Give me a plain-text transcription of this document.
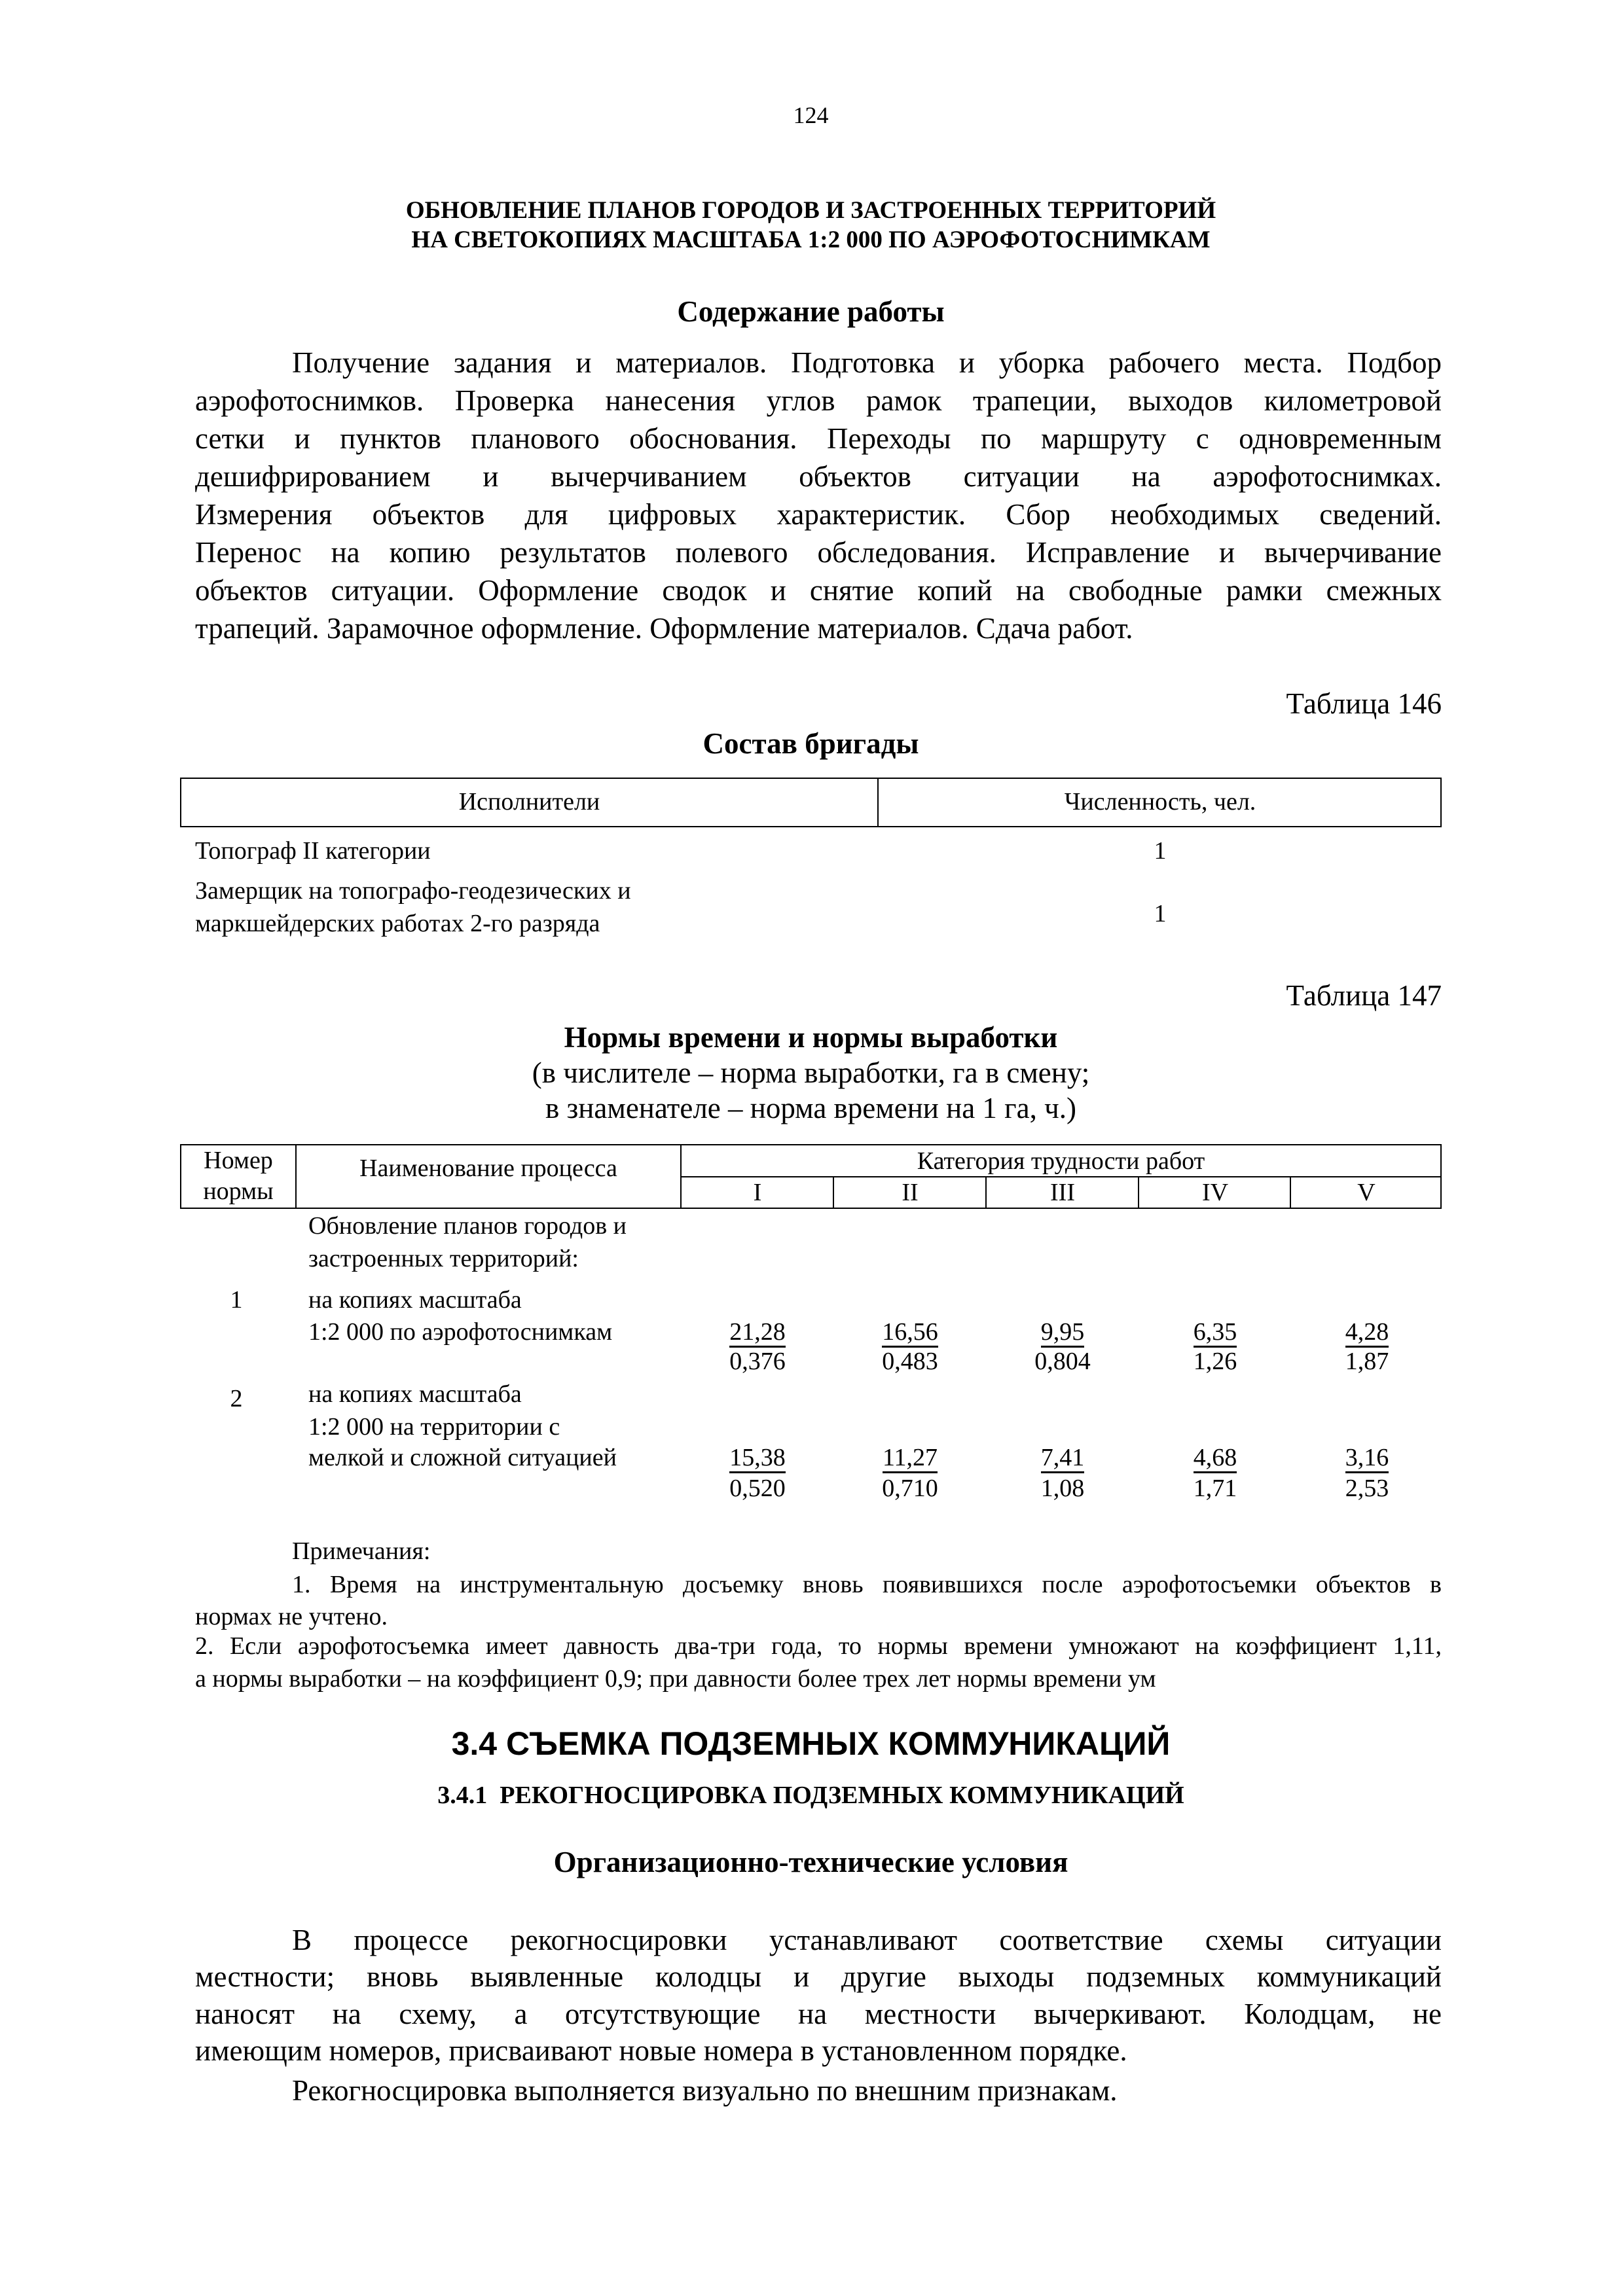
124
ОБНОВЛЕНИЕ ПЛАНОВ ГОРОДОВ И ЗАСТРОЕННЫХ ТЕРРИТОРИЙ
НА СВЕТОКОПИЯХ МАСШТАБА 1:2 000 ПО АЭРОФОТОСНИМКАМ
Содержание работы
Получение задания и материалов. Подготовка и уборка рабочего места. Подбор
аэрофотоснимков. Проверка нанесения углов рамок трапеции, выходов километровой
сетки и пунктов планового обоснования. Переходы по маршруту с одновременным
дешифрированием и вычерчиванием объектов ситуации на аэрофотоснимках.
Измерения объектов для цифровых характеристик. Сбор необходимых сведений.
Перенос на копию результатов полевого обследования. Исправление и вычерчивание
объектов ситуации. Оформление сводок и снятие копий на свободные рамки смежных
трапеций. Зарамочное оформление. Оформление материалов. Сдача работ.
Таблица 146
Состав бригады
Исполнители	Численность, чел.
Топограф II категории	1
Замерщик на топографо-геодезических и
маркшейдерских работах 2-го разряда	1
Таблица 147
Нормы времени и нормы выработки
(в числителе – норма выработки, га в смену;
в знаменателе – норма времени на 1 га, ч.)
Номер
нормы
Наименование процесса	Категория трудности работ
I	II	III	IV	V
Обновление планов городов и
застроенных территорий:
1	на копиях масштаба
1:2 000 по аэрофотоснимкам	21,28	16,56	9,95	6,35	4,28
0,376	0,483	0,804	1,26	1,87
2	на копиях масштаба
1:2 000 на территории с
мелкой и сложной ситуацией	15,38	11,27	7,41	4,68	3,16
0,520	0,710	1,08	1,71	2,53
Примечания:
1. Время на инструментальную досъемку вновь появившихся после аэрофотосъемки объектов в
нормах не учтено.
2. Если аэрофотосъемка имеет давность два-три года, то нормы времени умножают на коэффициент 1,11,
а нормы выработки – на коэффициент 0,9; при давности более трех лет нормы времени ум
3.4 СЪЕМКА ПОДЗЕМНЫХ КОММУНИКАЦИЙ
3.4.1  РЕКОГНОСЦИРОВКА ПОДЗЕМНЫХ КОММУНИКАЦИЙ
Организационно-технические условия
В процессе рекогносцировки устанавливают соответствие схемы ситуации
местности; вновь выявленные колодцы и другие выходы подземных коммуникаций
наносят на схему, а отсутствующие на местности вычеркивают. Колодцам, не
имеющим номеров, присваивают новые номера в установленном порядке.
Рекогносцировка выполняется визуально по внешним признакам.
